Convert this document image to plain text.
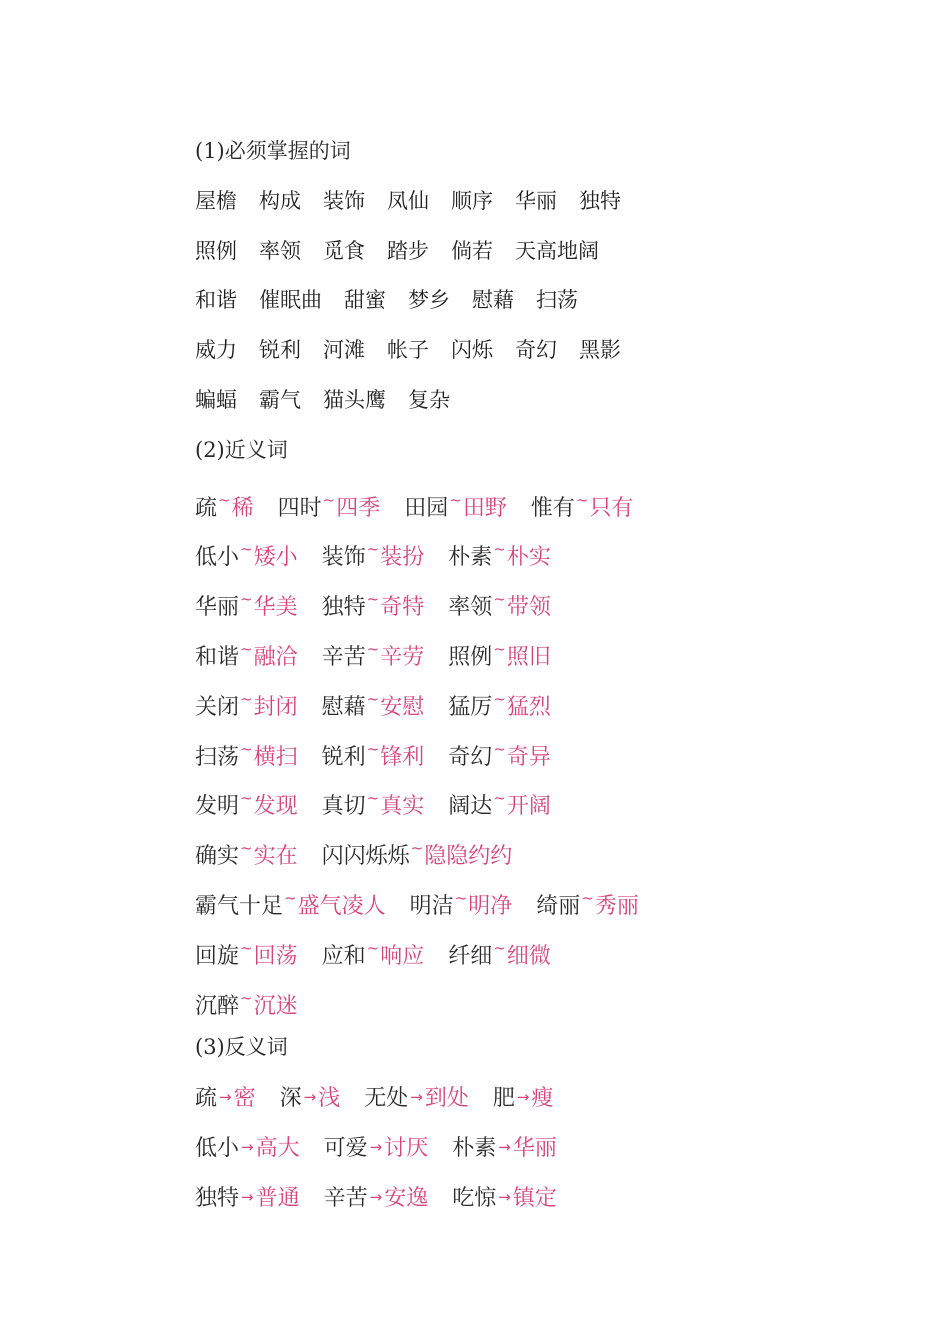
(1)必须掌握的词
屋檐 构成 装饰 凤仙 顺序 华丽 独特
照例 率领 觅食 踏步 倘若 天高地阔
和谐 催眠曲 甜蜜 梦乡 慰藉 扫荡
威力 锐利 河滩 帐子 闪烁 奇幻 黑影
蝙蝠 霸气 猫头鹰 复杂
(2)近义词
疏~稀 四时~四季 田园~田野 惟有~只有
低小~矮小 装饰~装扮 朴素~朴实
华丽~华美 独特~奇特 率领~带领
和谐~融洽 辛苦~辛劳 照例~照旧
关闭~封闭 慰藉~安慰 猛厉~猛烈
扫荡~横扫 锐利~锋利 奇幻~奇异
发明~发现 真切~真实 阔达~开阔
确实~实在 闪闪烁烁~隐隐约约
霸气十足~盛气凌人 明洁~明净 绮丽~秀丽
回旋~回荡 应和~响应 纤细~细微
沉醉~沉迷
(3)反义词
疏 →密 深 →浅 无处 →到处 肥 →瘦
低小 →高大 可爱 →讨厌 朴素 →华丽
独特 →普通 辛苦 →安逸 吃惊 →镇定
